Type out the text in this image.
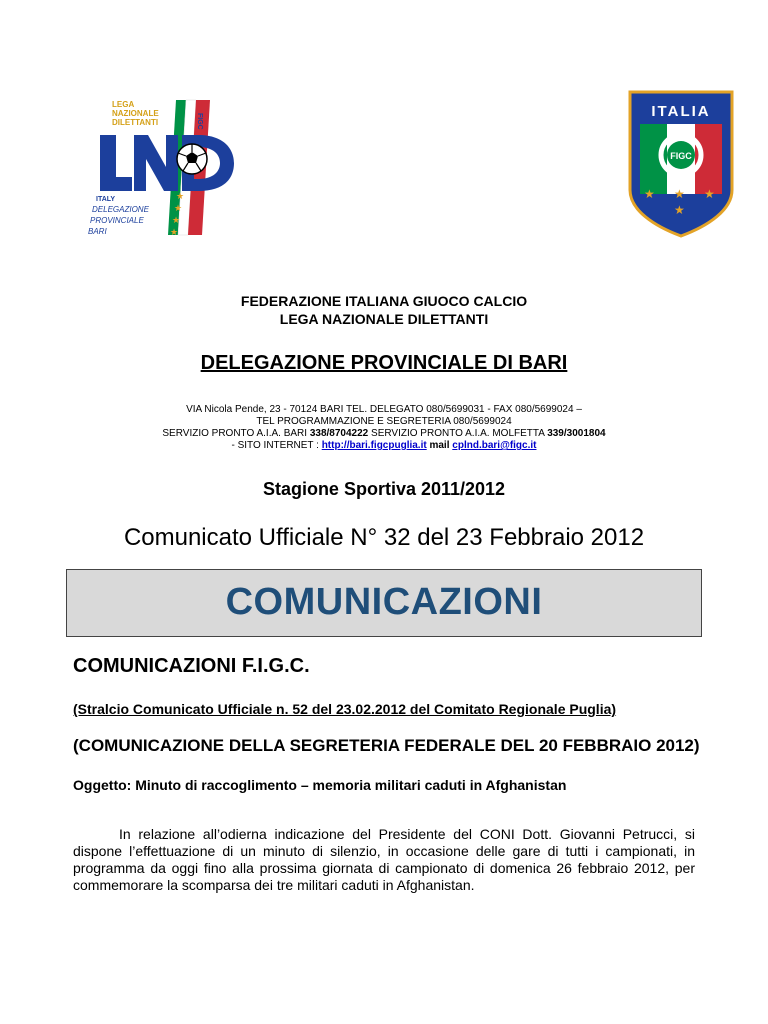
FIGC
LEGA
NAZIONALE
DILETTANTI
ITALY
DELEGAZIONE
PROVINCIALE
BARI
★
★
★
★
ITALIA
FIGC
★ ★ ★
★
FEDERAZIONE ITALIANA GIUOCO CALCIO
LEGA NAZIONALE DILETTANTI
DELEGAZIONE PROVINCIALE DI BARI
VIA Nicola Pende, 23 - 70124 BARI TEL. DELEGATO 080/5699031 - FAX 080/5699024 –
TEL PROGRAMMAZIONE E SEGRETERIA 080/5699024
SERVIZIO PRONTO A.I.A. BARI 338/8704222 SERVIZIO PRONTO A.I.A. MOLFETTA 339/3001804
- SITO INTERNET : http://bari.figcpuglia.it mail cplnd.bari@figc.it
Stagione Sportiva 2011/2012
Comunicato Ufficiale N° 32 del 23 Febbraio 2012
COMUNICAZIONI
COMUNICAZIONI F.I.G.C.
(Stralcio Comunicato Ufficiale n. 52 del 23.02.2012 del Comitato Regionale Puglia)
(COMUNICAZIONE DELLA SEGRETERIA FEDERALE DEL 20 FEBBRAIO 2012)
Oggetto: Minuto di raccoglimento – memoria militari caduti in Afghanistan
In relazione all’odierna indicazione del Presidente del CONI Dott. Giovanni Petrucci, si dispone l’effettuazione di un minuto di silenzio, in occasione delle gare di tutti i campionati, in programma da oggi fino alla prossima giornata di campionato di domenica 26 febbraio 2012, per commemorare la scomparsa dei tre militari caduti in Afghanistan.
